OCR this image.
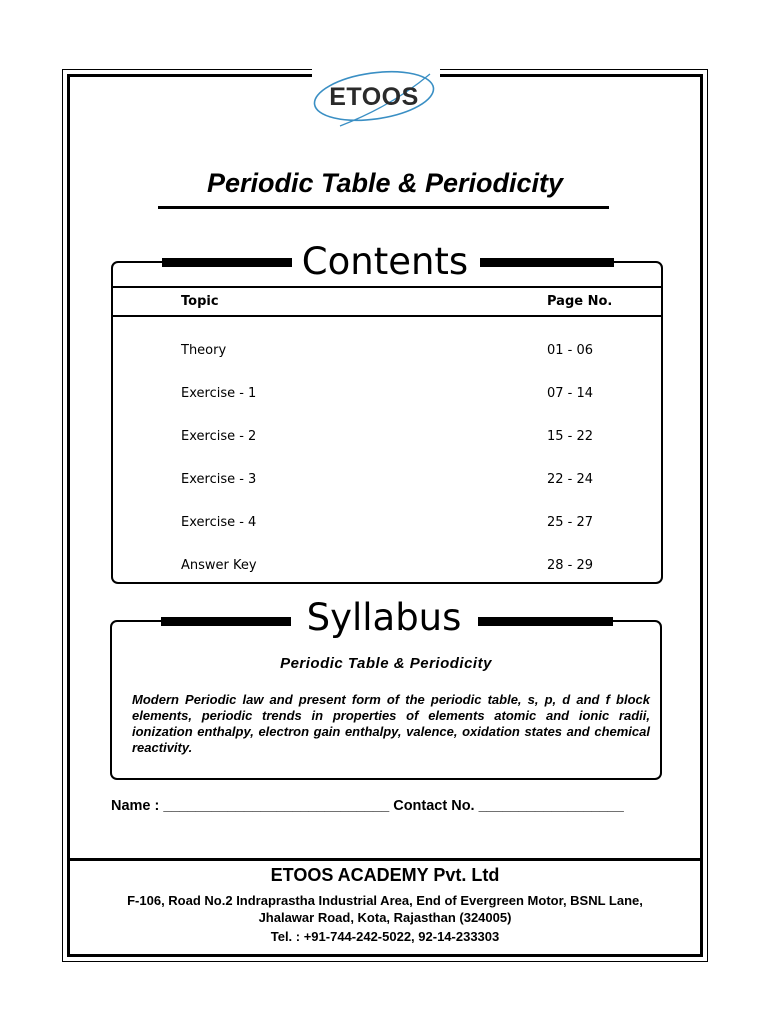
ETOOS
Periodic Table & Periodicity
Contents
Topic	Page No.
Theory	01 - 06
Exercise - 1	07 - 14
Exercise - 2	15 - 22
Exercise - 3	22 - 24
Exercise - 4	25 - 27
Answer Key	28 - 29
Syllabus
Periodic Table & Periodicity
Modern Periodic law and present form of the periodic table, s, p, d and f block elements, periodic trends in properties of elements atomic and ionic radii, ionization enthalpy, electron gain enthalpy, valence, oxidation states and chemical reactivity.
Name : ____________________________ Contact No. __________________
ETOOS ACADEMY Pvt. Ltd
F-106, Road No.2 Indraprastha Industrial Area, End of Evergreen Motor, BSNL Lane,
Jhalawar Road, Kota, Rajasthan (324005)
Tel. : +91-744-242-5022, 92-14-233303
